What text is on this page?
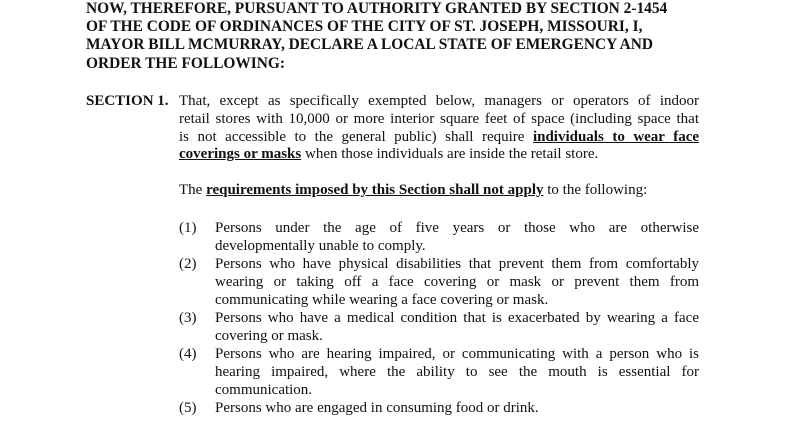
NOW, THEREFORE, PURSUANT TO AUTHORITY GRANTED BY SECTION 2-1454
OF THE CODE OF ORDINANCES OF THE CITY OF ST. JOSEPH, MISSOURI, I,
MAYOR BILL MCMURRAY, DECLARE A LOCAL STATE OF EMERGENCY AND
ORDER THE FOLLOWING:
SECTION 1. That, except as specifically exempted below, managers or operators of indoor
retail stores with 10,000 or more interior square feet of space (including space that
is not accessible to the general public) shall require individuals to wear face
coverings or masks when those individuals are inside the retail store.
The requirements imposed by this Section shall not apply to the following:
(1) Persons under the age of five years or those who are otherwise
developmentally unable to comply.
(2) Persons who have physical disabilities that prevent them from comfortably
wearing or taking off a face covering or mask or prevent them from
communicating while wearing a face covering or mask.
(3) Persons who have a medical condition that is exacerbated by wearing a face
covering or mask.
(4) Persons who are hearing impaired, or communicating with a person who is
hearing impaired, where the ability to see the mouth is essential for
communication.
(5) Persons who are engaged in consuming food or drink.
